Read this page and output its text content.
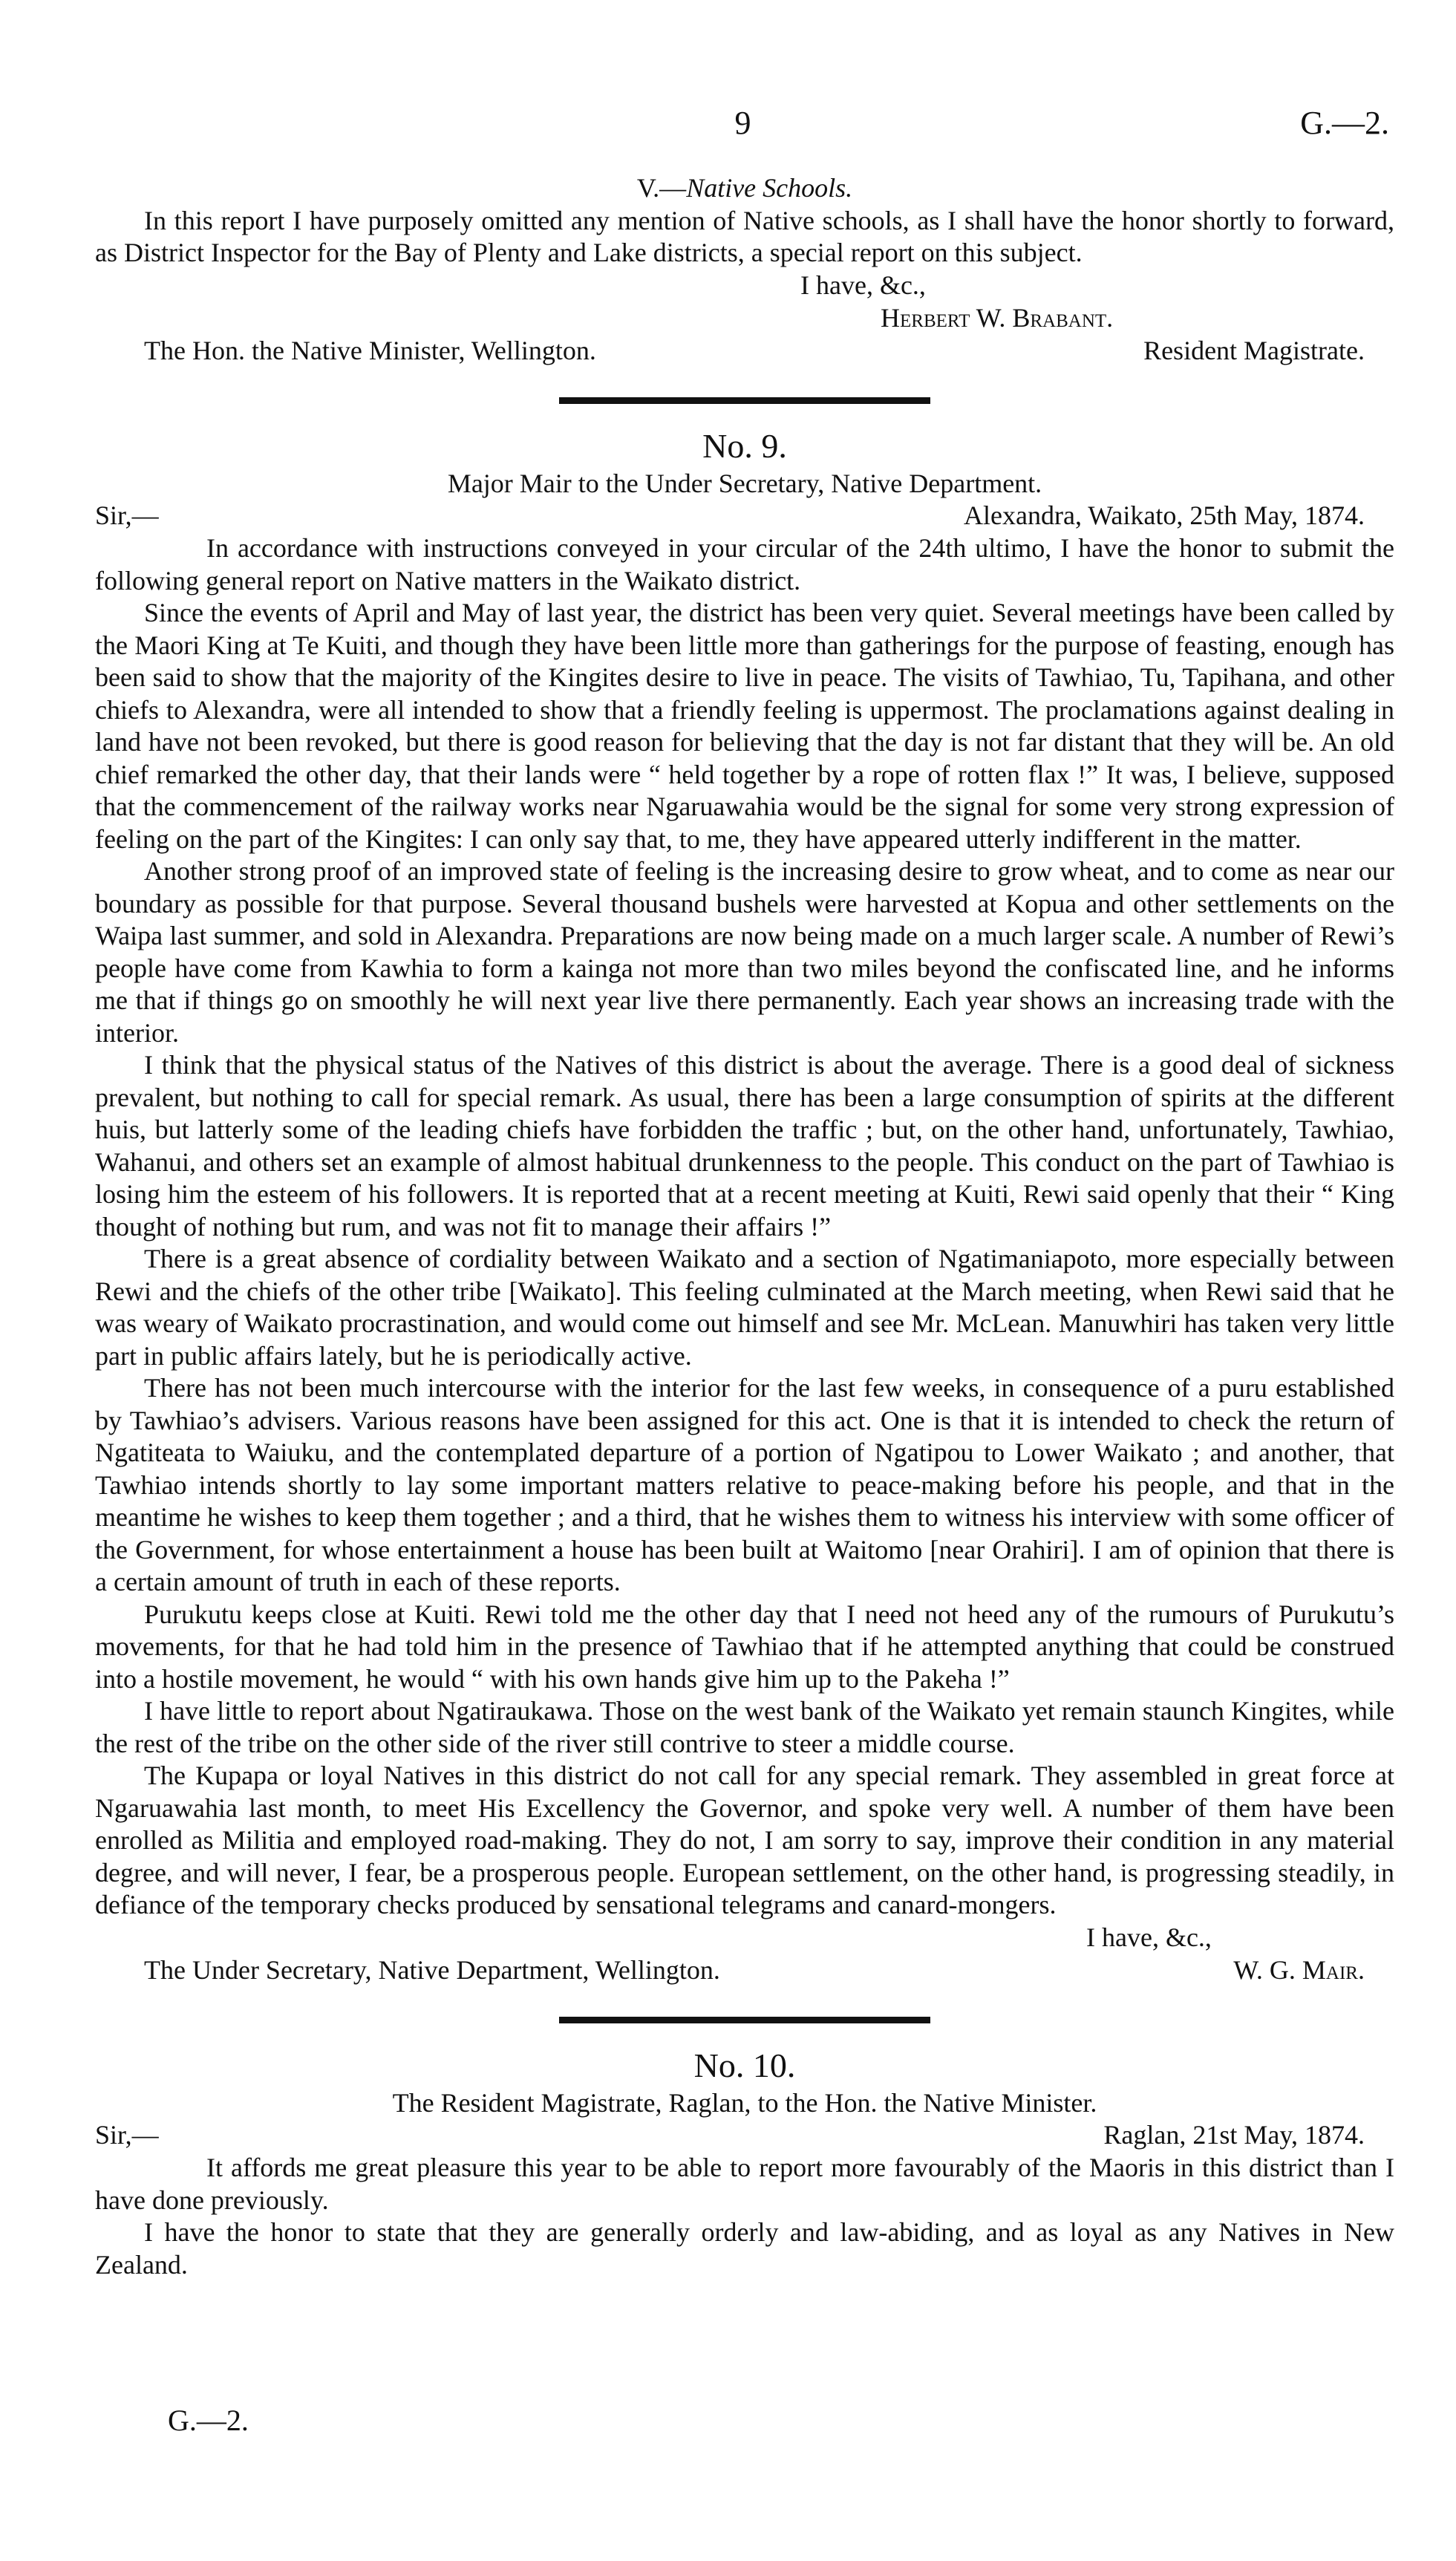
9	G.—2.
V.—Native Schools.

In this report I have purposely omitted any mention of Native schools, as I shall have the honor shortly to forward, as District Inspector for the Bay of Plenty and Lake districts, a special report on this subject.

I have, &c.,
Herbert W. Brabant.
The Hon. the Native Minister, Wellington.	Resident Magistrate.
No. 9.
Major Mair to the Under Secretary, Native Department.
Sir,—	Alexandra, Waikato, 25th May, 1874.

In accordance with instructions conveyed in your circular of the 24th ultimo, I have the honor to submit the following general report on Native matters in the Waikato district.

Since the events of April and May of last year, the district has been very quiet. Several meetings have been called by the Maori King at Te Kuiti, and though they have been little more than gatherings for the purpose of feasting, enough has been said to show that the majority of the Kingites desire to live in peace. The visits of Tawhiao, Tu, Tapihana, and other chiefs to Alexandra, were all intended to show that a friendly feeling is uppermost. The proclamations against dealing in land have not been revoked, but there is good reason for believing that the day is not far distant that they will be. An old chief remarked the other day, that their lands were “ held together by a rope of rotten flax !” It was, I believe, supposed that the commencement of the railway works near Ngaruawahia would be the signal for some very strong expression of feeling on the part of the Kingites: I can only say that, to me, they have appeared utterly indifferent in the matter.

Another strong proof of an improved state of feeling is the increasing desire to grow wheat, and to come as near our boundary as possible for that purpose. Several thousand bushels were harvested at Kopua and other settlements on the Waipa last summer, and sold in Alexandra. Preparations are now being made on a much larger scale. A number of Rewi’s people have come from Kawhia to form a kainga not more than two miles beyond the confiscated line, and he informs me that if things go on smoothly he will next year live there permanently. Each year shows an increasing trade with the interior.

I think that the physical status of the Natives of this district is about the average. There is a good deal of sickness prevalent, but nothing to call for special remark. As usual, there has been a large consumption of spirits at the different huis, but latterly some of the leading chiefs have forbidden the traffic ; but, on the other hand, unfortunately, Tawhiao, Wahanui, and others set an example of almost habitual drunkenness to the people. This conduct on the part of Tawhiao is losing him the esteem of his followers. It is reported that at a recent meeting at Kuiti, Rewi said openly that their “ King thought of nothing but rum, and was not fit to manage their affairs !”

There is a great absence of cordiality between Waikato and a section of Ngatimaniapoto, more especially between Rewi and the chiefs of the other tribe [Waikato]. This feeling culminated at the March meeting, when Rewi said that he was weary of Waikato procrastination, and would come out himself and see Mr. McLean. Manuwhiri has taken very little part in public affairs lately, but he is periodically active.

There has not been much intercourse with the interior for the last few weeks, in consequence of a puru established by Tawhiao’s advisers. Various reasons have been assigned for this act. One is that it is intended to check the return of Ngatiteata to Waiuku, and the contemplated departure of a portion of Ngatipou to Lower Waikato ; and another, that Tawhiao intends shortly to lay some important matters relative to peace-making before his people, and that in the meantime he wishes to keep them together ; and a third, that he wishes them to witness his interview with some officer of the Government, for whose entertainment a house has been built at Waitomo [near Orahiri]. I am of opinion that there is a certain amount of truth in each of these reports.

Purukutu keeps close at Kuiti. Rewi told me the other day that I need not heed any of the rumours of Purukutu’s movements, for that he had told him in the presence of Tawhiao that if he attempted anything that could be construed into a hostile movement, he would “ with his own hands give him up to the Pakeha !”

I have little to report about Ngatiraukawa. Those on the west bank of the Waikato yet remain staunch Kingites, while the rest of the tribe on the other side of the river still contrive to steer a middle course.

The Kupapa or loyal Natives in this district do not call for any special remark. They assembled in great force at Ngaruawahia last month, to meet His Excellency the Governor, and spoke very well. A number of them have been enrolled as Militia and employed road-making. They do not, I am sorry to say, improve their condition in any material degree, and will never, I fear, be a prosperous people. European settlement, on the other hand, is progressing steadily, in defiance of the temporary checks produced by sensational telegrams and canard-mongers.

I have, &c.,
The Under Secretary, Native Department, Wellington.	W. G. Mair.
No. 10.
The Resident Magistrate, Raglan, to the Hon. the Native Minister.
Sir,—	Raglan, 21st May, 1874.

It affords me great pleasure this year to be able to report more favourably of the Maoris in this district than I have done previously.

I have the honor to state that they are generally orderly and law-abiding, and as loyal as any Natives in New Zealand.

G.—2.
